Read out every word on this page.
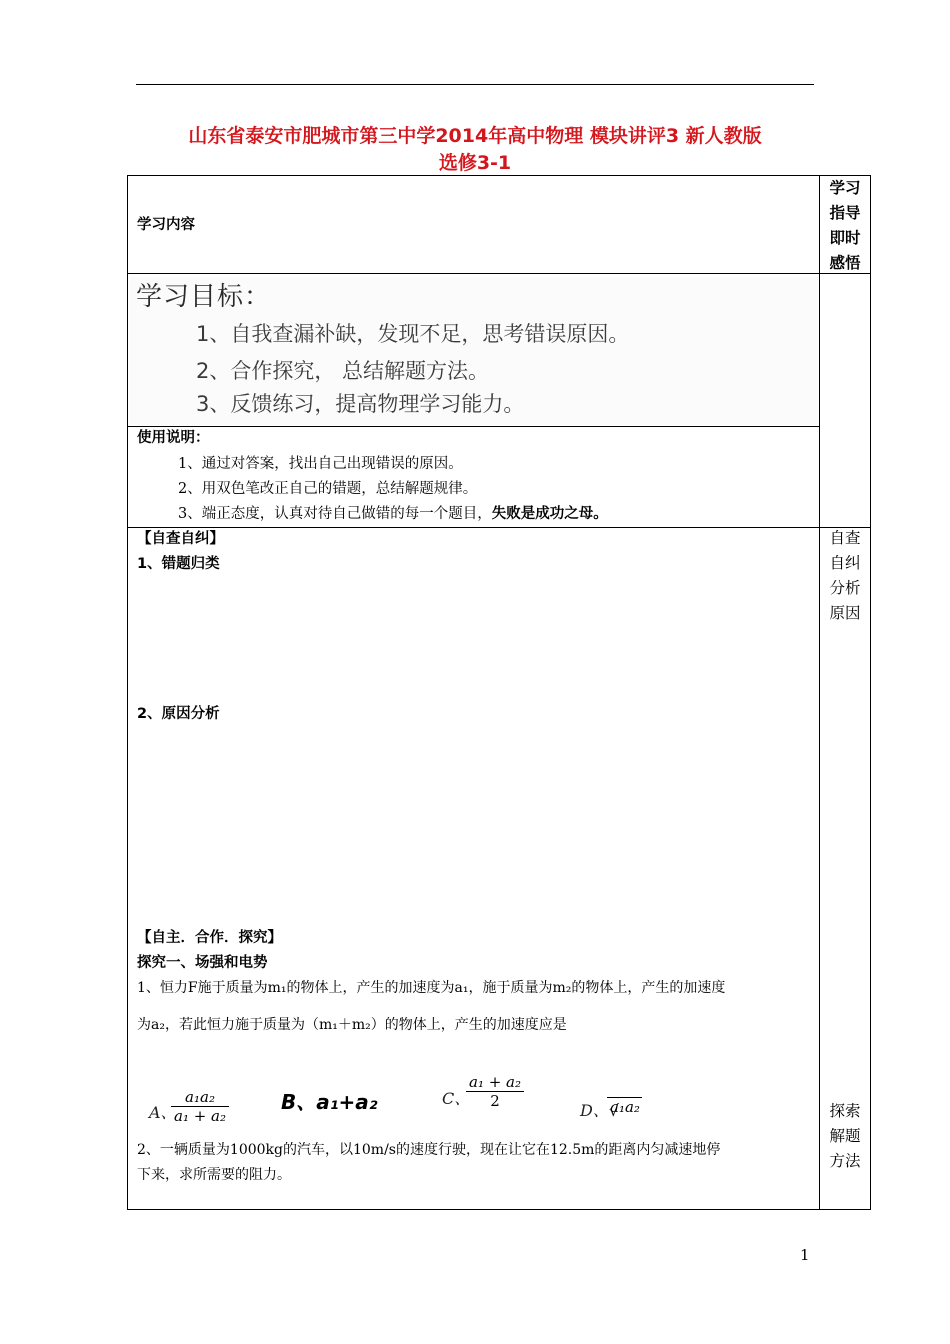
山东省泰安市肥城市第三中学2014年高中物理 模块讲评3 新人教版
选修3-1
学习内容
学习
指导
即时
感悟
学习目标：
1、自我查漏补缺，发现不足，思考错误原因。
2、合作探究， 总结解题方法。
3、反馈练习，提高物理学习能力。
使用说明：
1、通过对答案，找出自己出现错误的原因。
2、用双色笔改正自己的错题，总结解题规律。
3、端正态度，认真对待自己做错的每一个题目，失败是成功之母。
【自查自纠】
1、错题归类
2、原因分析
自查
自纠
分析
原因
【自主．合作．探究】
探究一、场强和电势
1、恒力F施于质量为m₁的物体上，产生的加速度为a₁，施于质量为m₂的物体上，产生的加速度
为a₂，若此恒力施于质量为（m₁＋m₂）的物体上，产生的加速度应是
A、
$\frac{\text{a₁a₂}}{\text{a₁ + a₂}}$	B、a₁+a₂	C、
$\frac{\text{a₁ + a₂}}{2}$
D、√
a₁a₂
2、一辆质量为1000kg的汽车，以10m/s的速度行驶，现在让它在12.5m的距离内匀减速地停
下来，求所需要的阻力。
探索
解题
方法
1
